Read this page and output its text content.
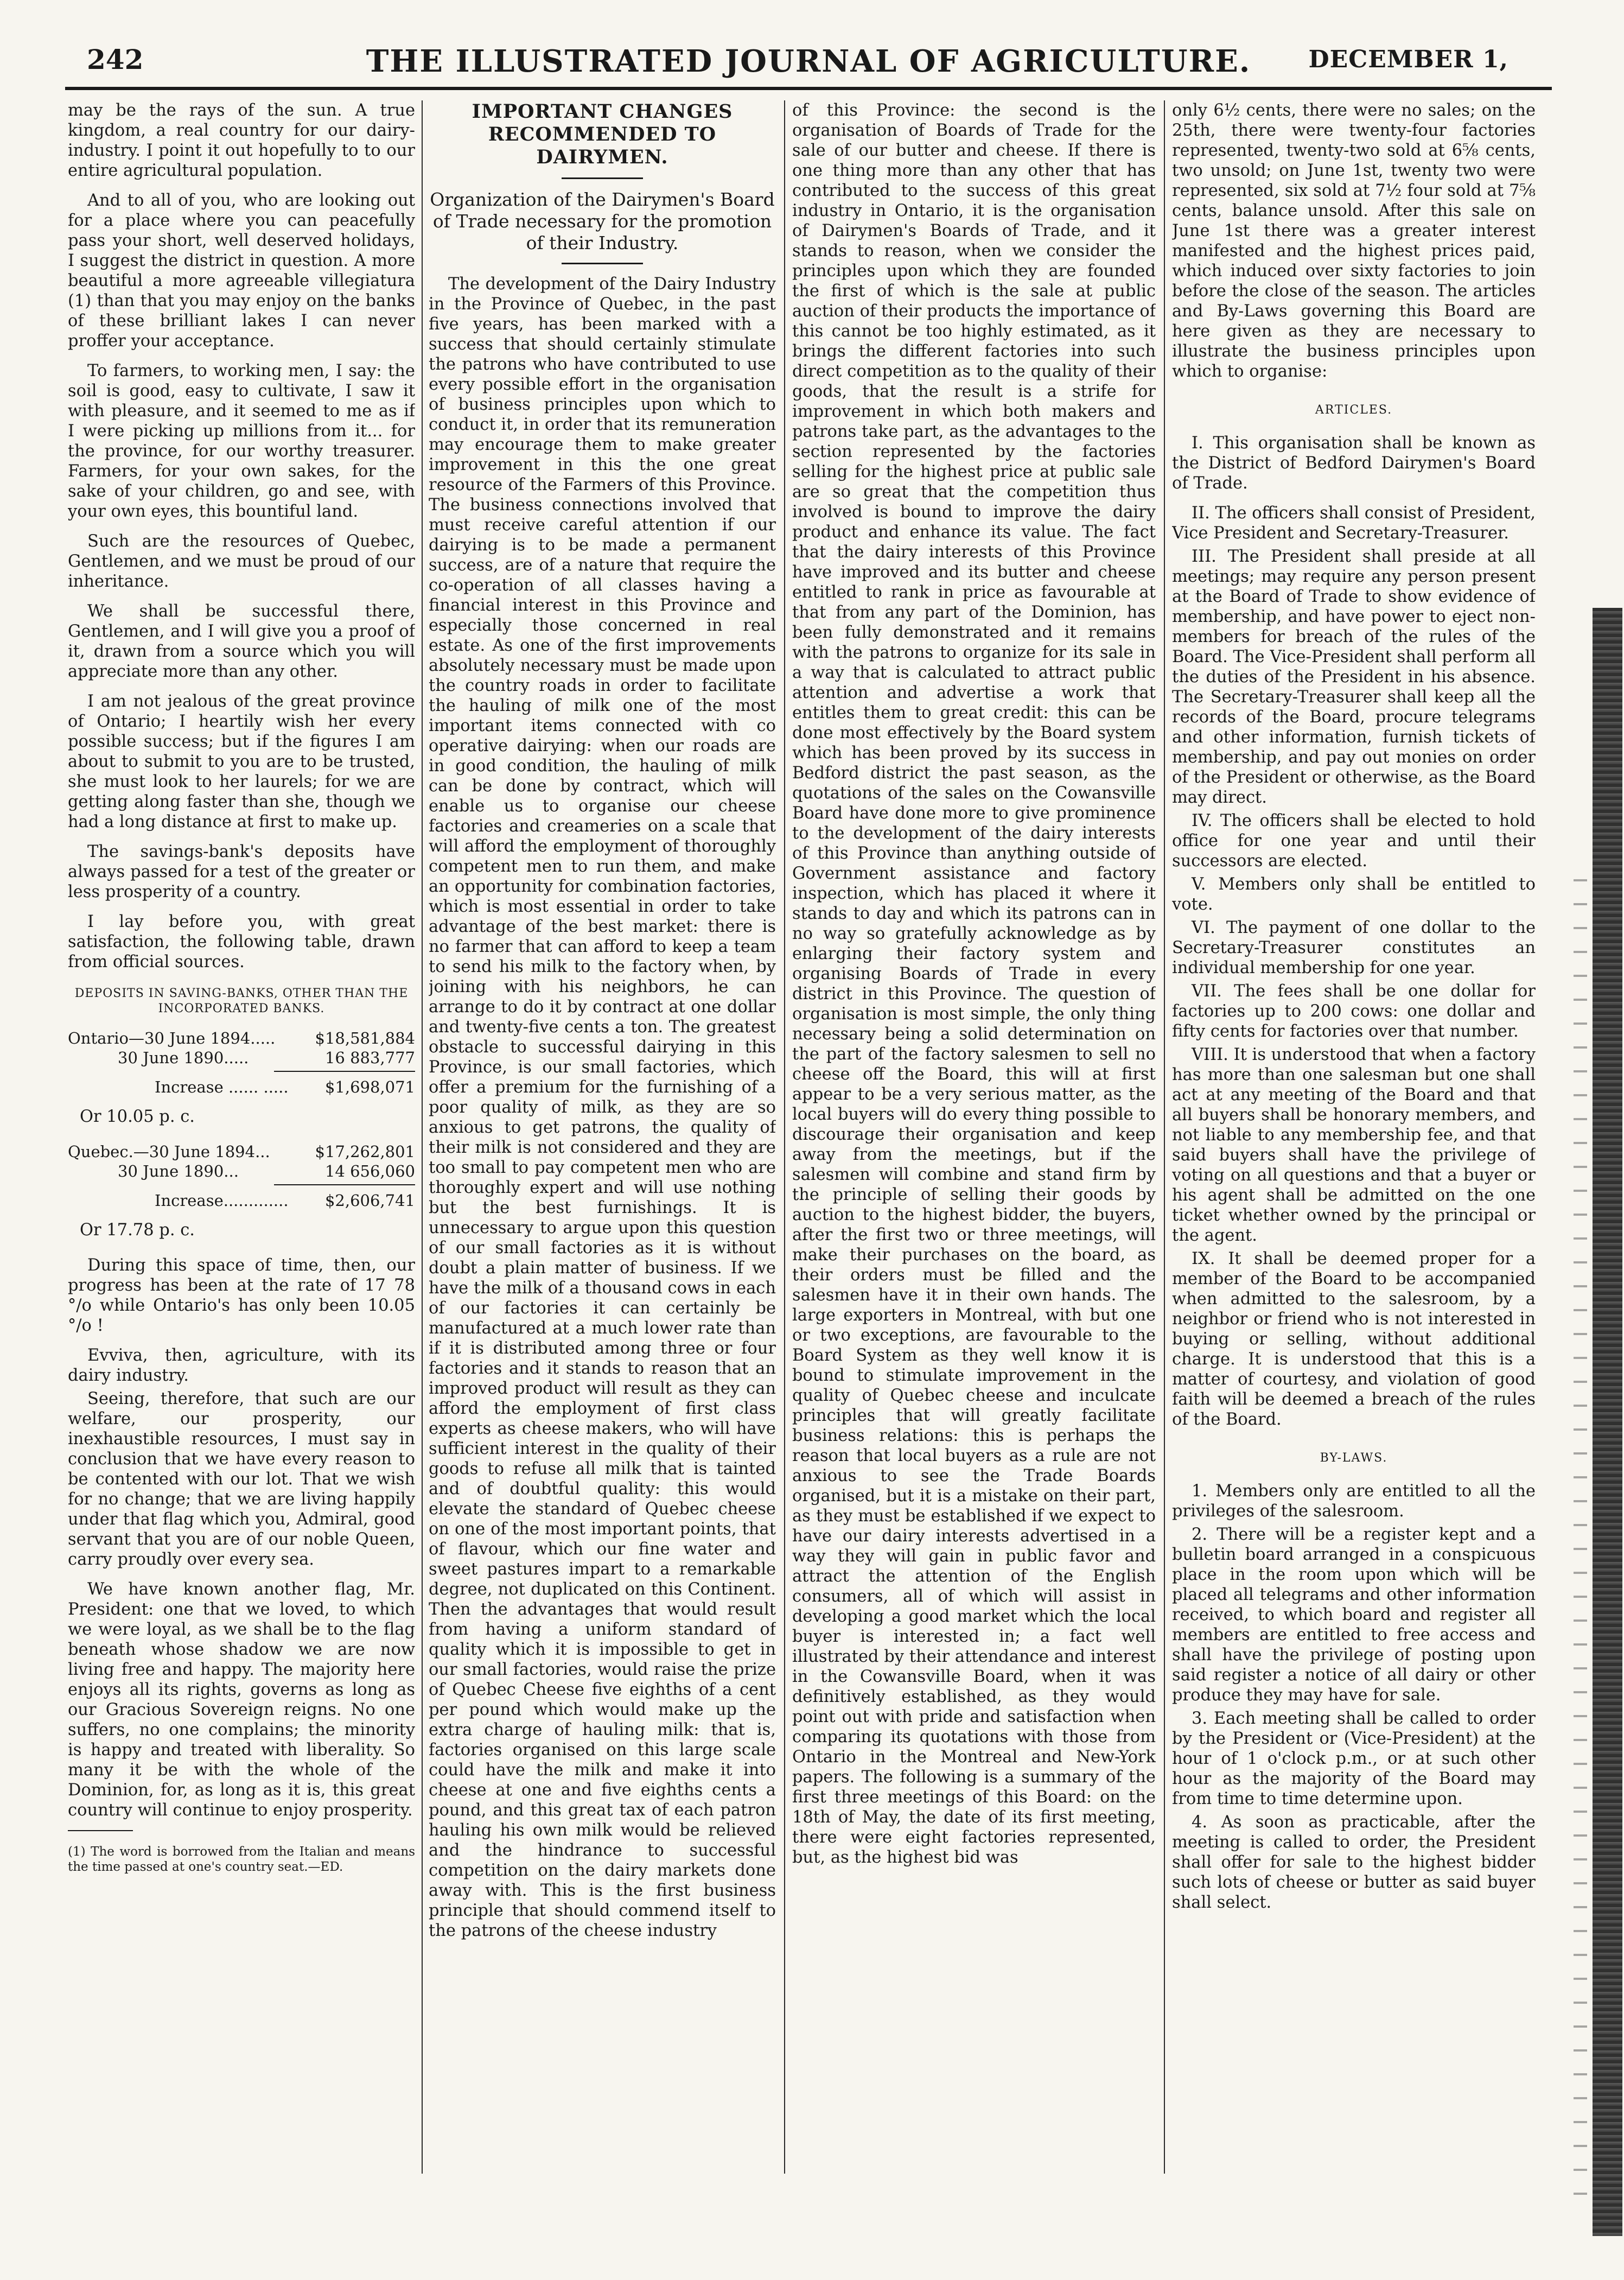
242	THE ILLUSTRATED JOURNAL OF AGRICULTURE.	DECEMBER 1,

may be the rays of the sun. A true kingdom, a real country for our dairy-industry. I point it out hopefully to to our entire agricultural population.

And to all of you, who are looking out for a place where you can peacefully pass your short, well deserved holidays, I suggest the district in question. A more beautiful a more agreeable villegiatura (1) than that you may enjoy on the banks of these brilliant lakes I can never proffer your acceptance.

To farmers, to working men, I say: the soil is good, easy to cultivate, I saw it with pleasure, and it seemed to me as if I were picking up millions from it... for the province, for our worthy treasurer. Farmers, for your own sakes, for the sake of your children, go and see, with your own eyes, this bountiful land.

Such are the resources of Quebec, Gentlemen, and we must be proud of our inheritance.

We shall be successful there, Gentlemen, and I will give you a proof of it, drawn from a source which you will appreciate more than any other.

I am not jealous of the great province of Ontario; I heartily wish her every possible success; but if the figures I am about to submit to you are to be trusted, she must look to her laurels; for we are getting along faster than she, though we had a long distance at first to make up.

The savings-bank's deposits have always passed for a test of the greater or less prosperity of a country.

I lay before you, with great satisfaction, the following table, drawn from official sources.

DEPOSITS IN SAVING-BANKS, OTHER THAN THE INCORPORATED BANKS.
Ontario—30 June 1894.....	$18,581,884
30 June 1890.....	16 883,777
Increase ...... ..... $1,698,071

Or 10.05 p. c.

Quebec.—30 June 1894...	$17,262,801
30 June 1890...	14 656,060
Increase............. $2,606,741

Or 17.78 p. c.

During this space of time, then, our progress has been at the rate of 17 78 °/o while Ontario's has only been 10.05 °/o !

Evviva, then, agriculture, with its dairy industry.

Seeing, therefore, that such are our welfare, our prosperity, our inexhaustible resources, I must say in conclusion that we have every reason to be contented with our lot. That we wish for no change; that we are living happily under that flag which you, Admiral, good servant that you are of our noble Queen, carry proudly over every sea.

We have known another flag, Mr. President: one that we loved, to which we were loyal, as we shall be to the flag beneath whose shadow we are now living free and happy. The majority here enjoys all its rights, governs as long as our Gracious Sovereign reigns. No one suffers, no one complains; the minority is happy and treated with liberality. So many it be with the whole of the Dominion, for, as long as it is, this great country will continue to enjoy prosperity.

(1) The word is borrowed from the Italian and means the time passed at one's country seat.—ED.

IMPORTANT CHANGES RECOMMENDED TO DAIRYMEN.
Organization of the Dairymen's Board of Trade necessary for the promotion of their Industry.

The development of the Dairy Industry in the Province of Quebec, in the past five years, has been marked with a success that should certainly stimulate the patrons who have contributed to use every possible effort in the organisation of business principles upon which to conduct it, in order that its remuneration may encourage them to make greater improvement in this the one great resource of the Farmers of this Province. The business connections involved that must receive careful attention if our dairying is to be made a permanent success, are of a nature that require the co-operation of all classes having a financial interest in this Province and especially those concerned in real estate. As one of the first improvements absolutely necessary must be made upon the country roads in order to facilitate the hauling of milk one of the most important items connected with co operative dairying: when our roads are in good condition, the hauling of milk can be done by contract, which will enable us to organise our cheese factories and creameries on a scale that will afford the employment of thoroughly competent men to run them, and make an opportunity for combination factories, which is most essential in order to take advantage of the best market: there is no farmer that can afford to keep a team to send his milk to the factory when, by joining with his neighbors, he can arrange to do it by contract at one dollar and twenty-five cents a ton. The greatest obstacle to successful dairying in this Province, is our small factories, which offer a premium for the furnishing of a poor quality of milk, as they are so anxious to get patrons, the quality of their milk is not considered and they are too small to pay competent men who are thoroughly expert and will use nothing but the best furnishings. It is unnecessary to argue upon this question of our small factories as it is without doubt a plain matter of business. If we have the milk of a thousand cows in each of our factories it can certainly be manufactured at a much lower rate than if it is distributed among three or four factories and it stands to reason that an improved product will result as they can afford the employment of first class experts as cheese makers, who will have sufficient interest in the quality of their goods to refuse all milk that is tainted and of doubtful quality: this would elevate the standard of Quebec cheese on one of the most important points, that of flavour, which our fine water and sweet pastures impart to a remarkable degree, not duplicated on this Continent. Then the advantages that would result from having a uniform standard of quality which it is impossible to get in our small factories, would raise the prize of Quebec Cheese five eighths of a cent per pound which would make up the extra charge of hauling milk: that is, factories organised on this large scale could have the milk and make it into cheese at one and five eighths cents a pound, and this great tax of each patron hauling his own milk would be relieved and the hindrance to successful competition on the dairy markets done away with. This is the first business principle that should commend itself to the patrons of the cheese industry

of this Province: the second is the organisation of Boards of Trade for the sale of our butter and cheese. If there is one thing more than any other that has contributed to the success of this great industry in Ontario, it is the organisation of Dairymen's Boards of Trade, and it stands to reason, when we consider the principles upon which they are founded the first of which is the sale at public auction of their products the importance of this cannot be too highly estimated, as it brings the different factories into such direct competition as to the quality of their goods, that the result is a strife for improvement in which both makers and patrons take part, as the advantages to the section represented by the factories selling for the highest price at public sale are so great that the competition thus involved is bound to improve the dairy product and enhance its value. The fact that the dairy interests of this Province have improved and its butter and cheese entitled to rank in price as favourable at that from any part of the Dominion, has been fully demonstrated and it remains with the patrons to organize for its sale in a way that is calculated to attract public attention and advertise a work that entitles them to great credit: this can be done most effectively by the Board system which has been proved by its success in Bedford district the past season, as the quotations of the sales on the Cowansville Board have done more to give prominence to the development of the dairy interests of this Province than anything outside of Government assistance and factory inspection, which has placed it where it stands to day and which its patrons can in no way so gratefully acknowledge as by enlarging their factory system and organising Boards of Trade in every district in this Province. The question of organisation is most simple, the only thing necessary being a solid determination on the part of the factory salesmen to sell no cheese off the Board, this will at first appear to be a very serious matter, as the local buyers will do every thing possible to discourage their organisation and keep away from the meetings, but if the salesmen will combine and stand firm by the principle of selling their goods by auction to the highest bidder, the buyers, after the first two or three meetings, will make their purchases on the board, as their orders must be filled and the salesmen have it in their own hands. The large exporters in Montreal, with but one or two exceptions, are favourable to the Board System as they well know it is bound to stimulate improvement in the quality of Quebec cheese and inculcate principles that will greatly facilitate business relations: this is perhaps the reason that local buyers as a rule are not anxious to see the Trade Boards organised, but it is a mistake on their part, as they must be established if we expect to have our dairy interests advertised in a way they will gain in public favor and attract the attention of the English consumers, all of which will assist in developing a good market which the local buyer is interested in; a fact well illustrated by their attendance and interest in the Cowansville Board, when it was definitively established, as they would point out with pride and satisfaction when comparing its quotations with those from Ontario in the Montreal and New-York papers. The following is a summary of the first three meetings of this Board: on the 18th of May, the date of its first meeting, there were eight factories represented, but, as the highest bid was

only 6½ cents, there were no sales; on the 25th, there were twenty-four factories represented, twenty-two sold at 6⅝ cents, two unsold; on June 1st, twenty two were represented, six sold at 7½ four sold at 7⅝ cents, balance unsold. After this sale on June 1st there was a greater interest manifested and the highest prices paid, which induced over sixty factories to join before the close of the season. The articles and By-Laws governing this Board are here given as they are necessary to illustrate the business principles upon which to organise:

ARTICLES.

I. This organisation shall be known as the District of Bedford Dairymen's Board of Trade.

II. The officers shall consist of President, Vice President and Secretary-Treasurer.

III. The President shall preside at all meetings; may require any person present at the Board of Trade to show evidence of membership, and have power to eject non-members for breach of the rules of the Board. The Vice-President shall perform all the duties of the President in his absence. The Secretary-Treasurer shall keep all the records of the Board, procure telegrams and other information, furnish tickets of membership, and pay out monies on order of the President or otherwise, as the Board may direct.

IV. The officers shall be elected to hold office for one year and until their successors are elected.

V. Members only shall be entitled to vote.

VI. The payment of one dollar to the Secretary-Treasurer constitutes an individual membership for one year.

VII. The fees shall be one dollar for factories up to 200 cows: one dollar and fifty cents for factories over that number.

VIII. It is understood that when a factory has more than one salesman but one shall act at any meeting of the Board and that all buyers shall be honorary members, and not liable to any membership fee, and that said buyers shall have the privilege of voting on all questions and that a buyer or his agent shall be admitted on the one ticket whether owned by the principal or the agent.

IX. It shall be deemed proper for a member of the Board to be accompanied when admitted to the salesroom, by a neighbor or friend who is not interested in buying or selling, without additional charge. It is understood that this is a matter of courtesy, and violation of good faith will be deemed a breach of the rules of the Board.

BY-LAWS.

1. Members only are entitled to all the privileges of the salesroom.

2. There will be a register kept and a bulletin board arranged in a conspicuous place in the room upon which will be placed all telegrams and other information received, to which board and register all members are entitled to free access and shall have the privilege of posting upon said register a notice of all dairy or other produce they may have for sale.

3. Each meeting shall be called to order by the President or (Vice-President) at the hour of 1 o'clock p.m., or at such other hour as the majority of the Board may from time to time determine upon.

4. As soon as practicable, after the meeting is called to order, the President shall offer for sale to the highest bidder such lots of cheese or butter as said buyer shall select.
